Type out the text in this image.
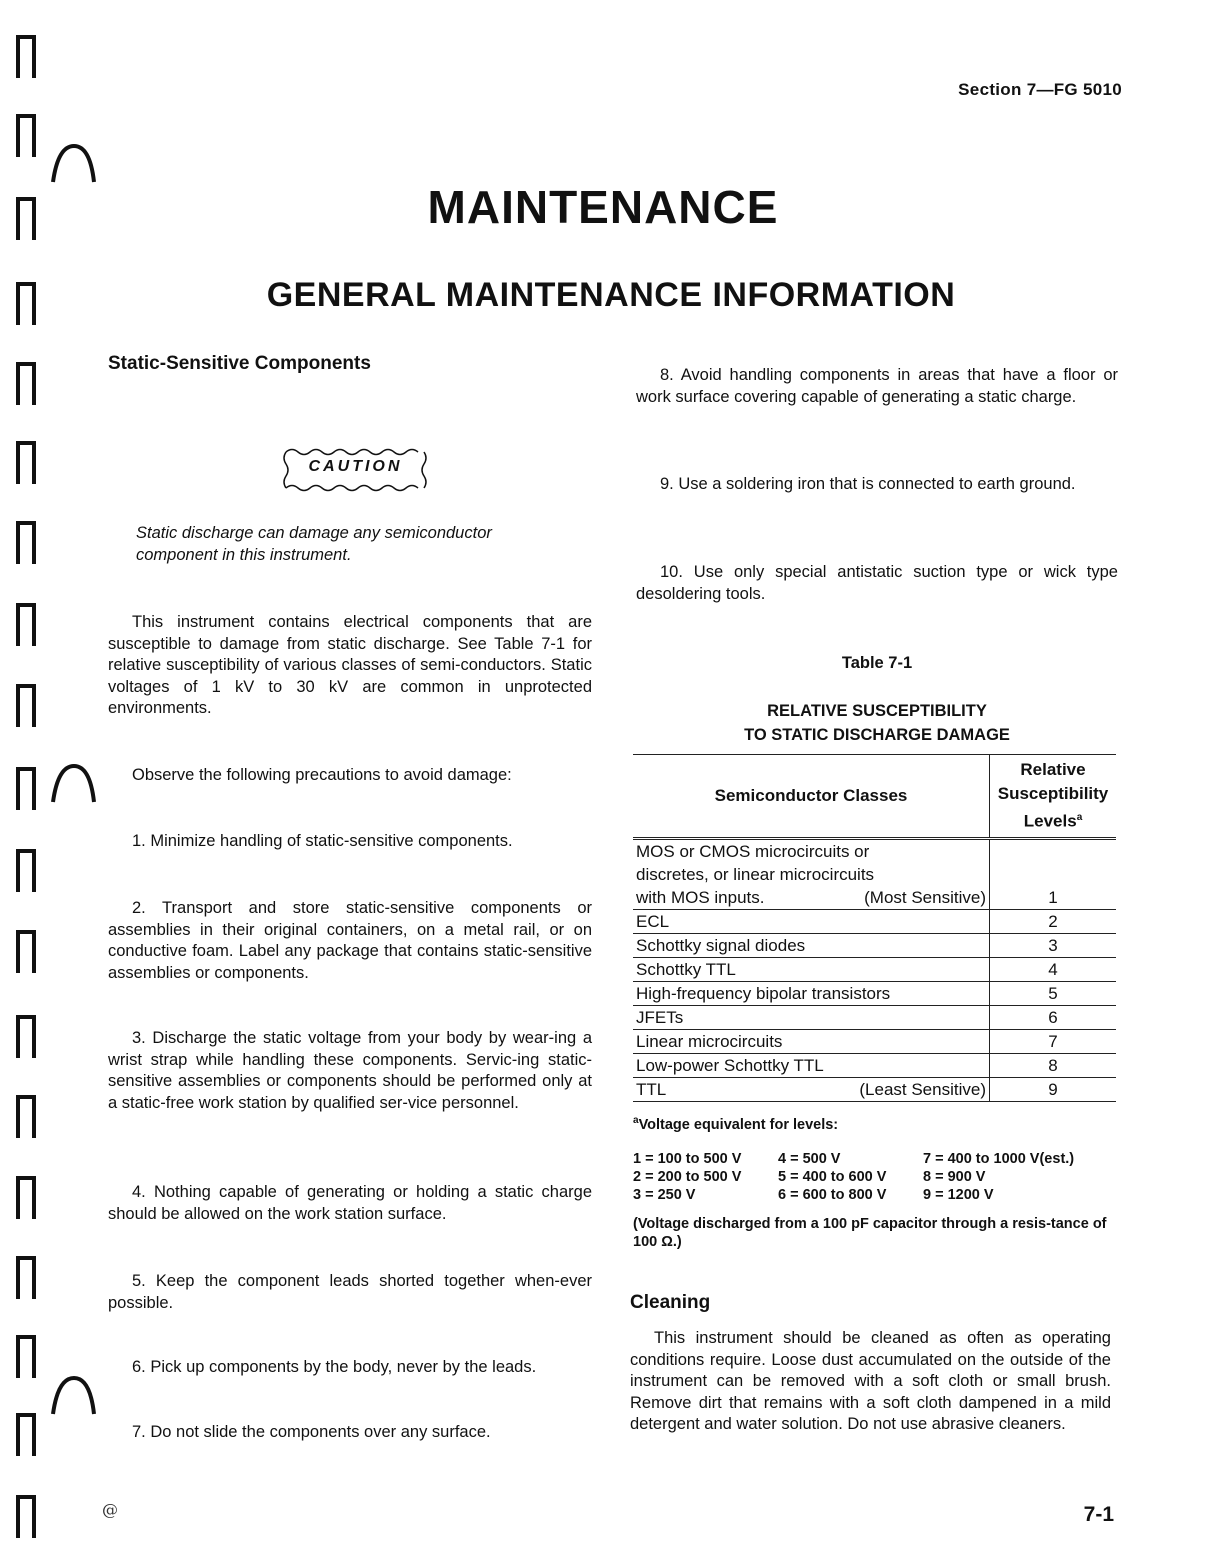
Section 7—FG 5010
MAINTENANCE
GENERAL MAINTENANCE INFORMATION
Static-Sensitive Components
CAUTION
Static discharge can damage any semiconductor component in this instrument.
This instrument contains electrical components that are susceptible to damage from static discharge. See Table 7-1 for relative susceptibility of various classes of semi-conductors. Static voltages of 1 kV to 30 kV are common in unprotected environments.
Observe the following precautions to avoid damage:
1. Minimize handling of static-sensitive components.
2. Transport and store static-sensitive components or assemblies in their original containers, on a metal rail, or on conductive foam. Label any package that contains static-sensitive assemblies or components.
3. Discharge the static voltage from your body by wear-ing a wrist strap while handling these components. Servic-ing static-sensitive assemblies or components should be performed only at a static-free work station by qualified ser-vice personnel.
4. Nothing capable of generating or holding a static charge should be allowed on the work station surface.
5. Keep the component leads shorted together when-ever possible.
6. Pick up components by the body, never by the leads.
7. Do not slide the components over any surface.
8. Avoid handling components in areas that have a floor or work surface covering capable of generating a static charge.
9. Use a soldering iron that is connected to earth ground.
10. Use only special antistatic suction type or wick type desoldering tools.
Table 7-1
RELATIVE SUSCEPTIBILITY
TO STATIC DISCHARGE DAMAGE
Semiconductor Classes	Relative
Susceptibility
Levels$^a$

MOS or CMOS microcircuits or
discretes, or linear microcircuits
with MOS inputs. (Most Sensitive)	1
ECL	2
Schottky signal diodes	3
Schottky TTL	4
High-frequency bipolar transistors	5
JFETs	6
Linear microcircuits	7
Low-power Schottky TTL	8

TTL (Least Sensitive)	9
$^a$Voltage equivalent for levels:
1 = 100 to 500 V	4 = 500 V	7 = 400 to 1000 V(est.)
2 = 200 to 500 V	5 = 400 to 600 V	8 = 900 V
3 = 250 V	6 = 600 to 800 V	9 = 1200 V
(Voltage discharged from a 100 pF capacitor through a resis-tance of 100 Ω.)
Cleaning
This instrument should be cleaned as often as operating conditions require. Loose dust accumulated on the outside of the instrument can be removed with a soft cloth or small brush. Remove dirt that remains with a soft cloth dampened in a mild detergent and water solution. Do not use abrasive cleaners.
@	7-1
